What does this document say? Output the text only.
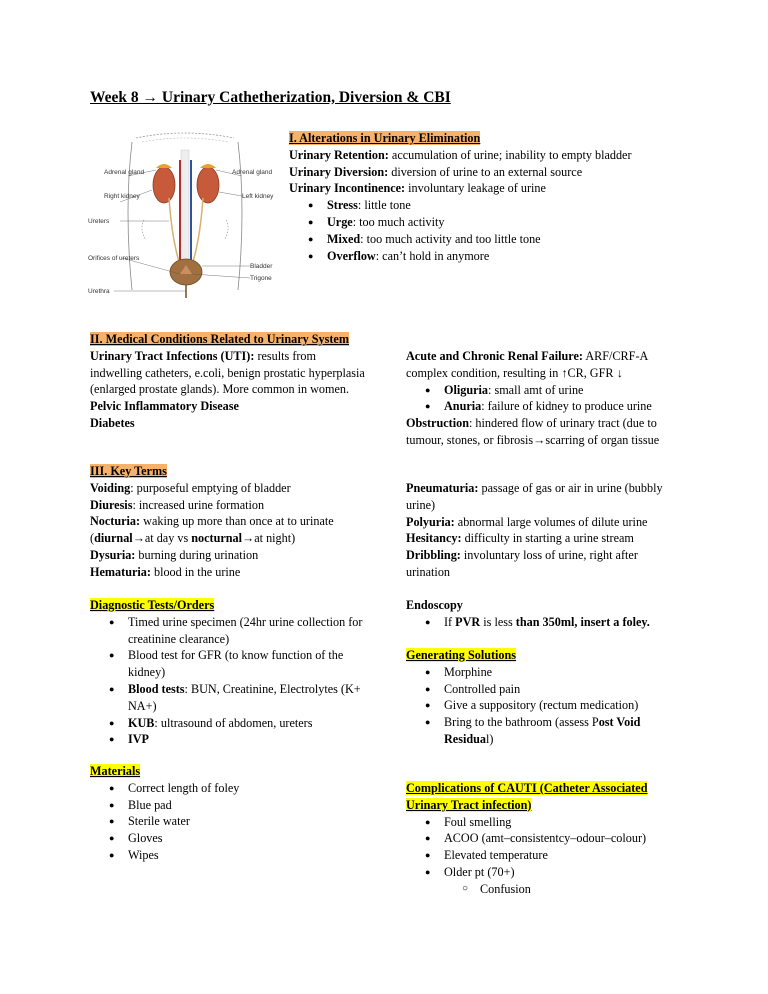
Week 8 → Urinary Cathetherization, Diversion & CBI
Adrenal gland
Right kidney
Ureters
Orifices of ureters
Urethra
Adrenal gland
Left kidney
Bladder
Trigone
I. Alterations in Urinary Elimination
Urinary Retention: accumulation of urine; inability to empty bladder
Urinary Diversion: diversion of urine to an external source
Urinary Incontinence: involuntary leakage of urine
● Stress: little tone
● Urge: too much activity
● Mixed: too much activity and too little tone
● Overflow: can’t hold in anymore
II. Medical Conditions Related to Urinary System
Urinary Tract Infections (UTI): results from indwelling catheters, e.coli, benign prostatic hyperplasia (enlarged prostate glands). More common in women.
Pelvic Inflammatory Disease
Diabetes
Acute and Chronic Renal Failure: ARF/CRF-A complex condition, resulting in ↑CR, GFR ↓
● Oliguria: small amt of urine
● Anuria: failure of kidney to produce urine
Obstruction: hindered flow of urinary tract (due to tumour, stones, or fibrosis→scarring of organ tissue
III. Key Terms
Voiding: purposeful emptying of bladder
Diuresis: increased urine formation
Nocturia: waking up more than once at to urinate (diurnal→at day vs nocturnal→at night)
Dysuria: burning during urination
Hematuria: blood in the urine
Pneumaturia: passage of gas or air in urine (bubbly urine)
Polyuria: abnormal large volumes of dilute urine
Hesitancy: difficulty in starting a urine stream
Dribbling: involuntary loss of urine, right after urination
Diagnostic Tests/Orders
● Timed urine specimen (24hr urine collection for creatinine clearance)
● Blood test for GFR (to know function of the kidney)
● Blood tests: BUN, Creatinine, Electrolytes (K+ NA+)
● KUB: ultrasound of abdomen, ureters
● IVP
Endoscopy
● If PVR is less than 350ml, insert a foley.
Generating Solutions
● Morphine
● Controlled pain
● Give a suppository (rectum medication)
● Bring to the bathroom (assess Post Void Residual)
Materials
● Correct length of foley
● Blue pad
● Sterile water
● Gloves
● Wipes
Complications of CAUTI (Catheter Associated Urinary Tract infection)
● Foul smelling
● ACOO (amt–consistentcy–odour–colour)
● Elevated temperature
● Older pt (70+)
○ Confusion
